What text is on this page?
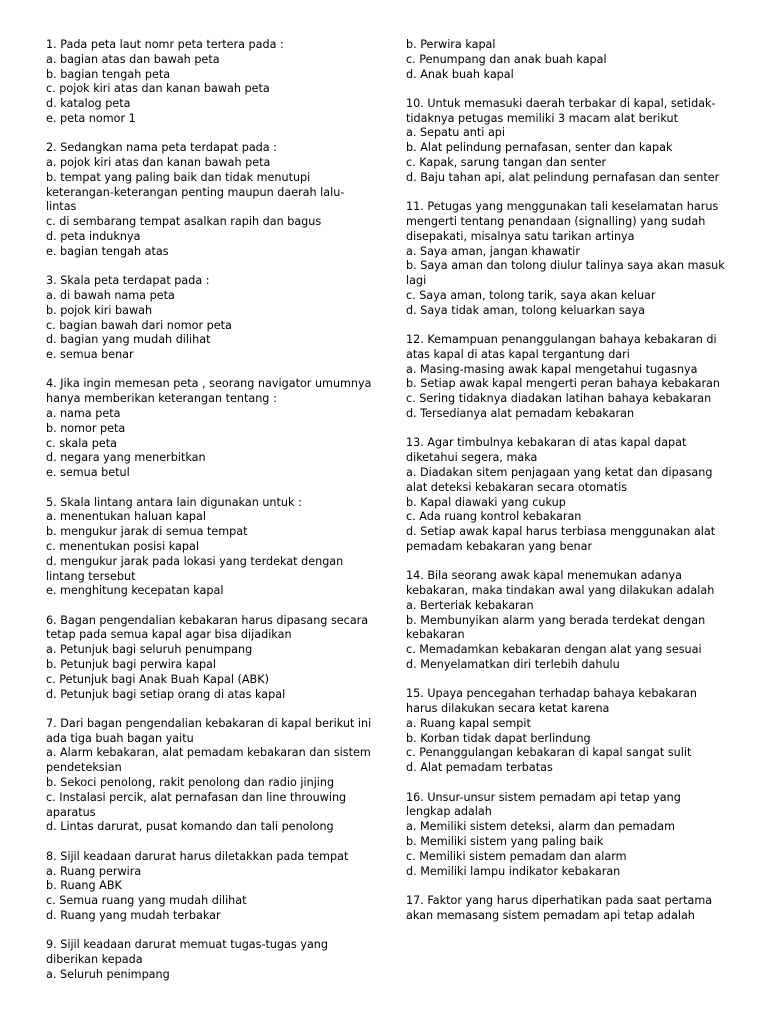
1. Pada peta laut nomr peta tertera pada :
a. bagian atas dan bawah peta
b. bagian tengah peta
c. pojok kiri atas dan kanan bawah peta
d. katalog peta
e. peta nomor 1
2. Sedangkan nama peta terdapat pada :
a. pojok kiri atas dan kanan bawah peta
b. tempat yang paling baik dan tidak menutupi keterangan-keterangan penting maupun daerah lalu-lintas
c. di sembarang tempat asalkan rapih dan bagus
d. peta induknya
e. bagian tengah atas
3. Skala peta terdapat pada :
a. di bawah nama peta
b. pojok kiri bawah
c. bagian bawah dari nomor peta
d. bagian yang mudah dilihat
e. semua benar
4. Jika ingin memesan peta , seorang navigator umumnya hanya memberikan keterangan tentang :
a. nama peta
b. nomor peta
c. skala peta
d. negara yang menerbitkan
e. semua betul
5. Skala lintang antara lain digunakan untuk :
a. menentukan haluan kapal
b. mengukur jarak di semua tempat
c. menentukan posisi kapal
d. mengukur jarak pada lokasi yang terdekat dengan lintang tersebut
e. menghitung kecepatan kapal
6. Bagan pengendalian kebakaran harus dipasang secara tetap pada semua kapal agar bisa dijadikan
a. Petunjuk bagi seluruh penumpang
b. Petunjuk bagi perwira kapal
c. Petunjuk bagi Anak Buah Kapal (ABK)
d. Petunjuk bagi setiap orang di atas kapal
7. Dari bagan pengendalian kebakaran di kapal berikut ini ada tiga buah bagan yaitu
a. Alarm kebakaran, alat pemadam kebakaran dan sistem pendeteksian
b. Sekoci penolong, rakit penolong dan radio jinjing
c. Instalasi percik, alat pernafasan dan line throuwing aparatus
d. Lintas darurat, pusat komando dan tali penolong
8. Sijil keadaan darurat harus diletakkan pada tempat
a. Ruang perwira
b. Ruang ABK
c. Semua ruang yang mudah dilihat
d. Ruang yang mudah terbakar
9. Sijil keadaan darurat memuat tugas-tugas yang diberikan kepada
a. Seluruh penimpang
b. Perwira kapal
c. Penumpang dan anak buah kapal
d. Anak buah kapal
10. Untuk memasuki daerah terbakar di kapal, setidak-tidaknya petugas memiliki 3 macam alat berikut
a. Sepatu anti api
b. Alat pelindung pernafasan, senter dan kapak
c. Kapak, sarung tangan dan senter
d. Baju tahan api, alat pelindung pernafasan dan senter
11. Petugas yang menggunakan tali keselamatan harus mengerti tentang penandaan (signalling) yang sudah disepakati, misalnya satu tarikan artinya
a. Saya aman, jangan khawatir
b. Saya aman dan tolong diulur talinya saya akan masuk lagi
c. Saya aman, tolong tarik, saya akan keluar
d. Saya tidak aman, tolong keluarkan saya
12. Kemampuan penanggulangan bahaya kebakaran di atas kapal di atas kapal tergantung dari
a. Masing-masing awak kapal mengetahui tugasnya
b. Setiap awak kapal mengerti peran bahaya kebakaran
c. Sering tidaknya diadakan latihan bahaya kebakaran
d. Tersedianya alat pemadam kebakaran
13. Agar timbulnya kebakaran di atas kapal dapat diketahui segera, maka
a. Diadakan sitem penjagaan yang ketat dan dipasang alat deteksi kebakaran secara otomatis
b. Kapal diawaki yang cukup
c. Ada ruang kontrol kebakaran
d. Setiap awak kapal harus terbiasa menggunakan alat pemadam kebakaran yang benar
14. Bila seorang awak kapal menemukan adanya kebakaran, maka tindakan awal yang dilakukan adalah
a. Berteriak kebakaran
b. Membunyikan alarm yang berada terdekat dengan kebakaran
c. Memadamkan kebakaran dengan alat yang sesuai
d. Menyelamatkan diri terlebih dahulu
15. Upaya pencegahan terhadap bahaya kebakaran harus dilakukan secara ketat karena
a. Ruang kapal sempit
b. Korban tidak dapat berlindung
c. Penanggulangan kebakaran di kapal sangat sulit
d. Alat pemadam terbatas
16. Unsur-unsur sistem pemadam api tetap yang lengkap adalah
a. Memiliki sistem deteksi, alarm dan pemadam
b. Memiliki sistem yang paling baik
c. Memiliki sistem pemadam dan alarm
d. Memiliki lampu indikator kebakaran
17. Faktor yang harus diperhatikan pada saat pertama akan memasang sistem pemadam api tetap adalah
